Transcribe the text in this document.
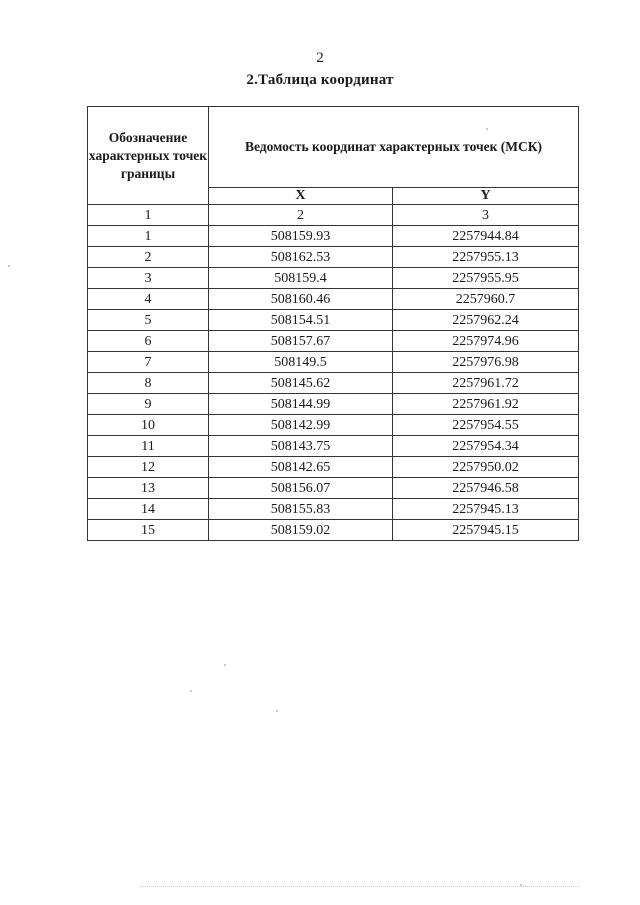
2
2.Таблица координат
Обозначение характерных точек границы	Ведомость координат характерных точек (МСК)	
	X	Y
1	2	3
1	508159.93	2257944.84
2	508162.53	2257955.13
3	508159.4	2257955.95
4	508160.46	2257960.7
5	508154.51	2257962.24
6	508157.67	2257974.96
7	508149.5	2257976.98
8	508145.62	2257961.72
9	508144.99	2257961.92
10	508142.99	2257954.55
11	508143.75	2257954.34
12	508142.65	2257950.02
13	508156.07	2257946.58
14	508155.83	2257945.13
15	508159.02	2257945.15
